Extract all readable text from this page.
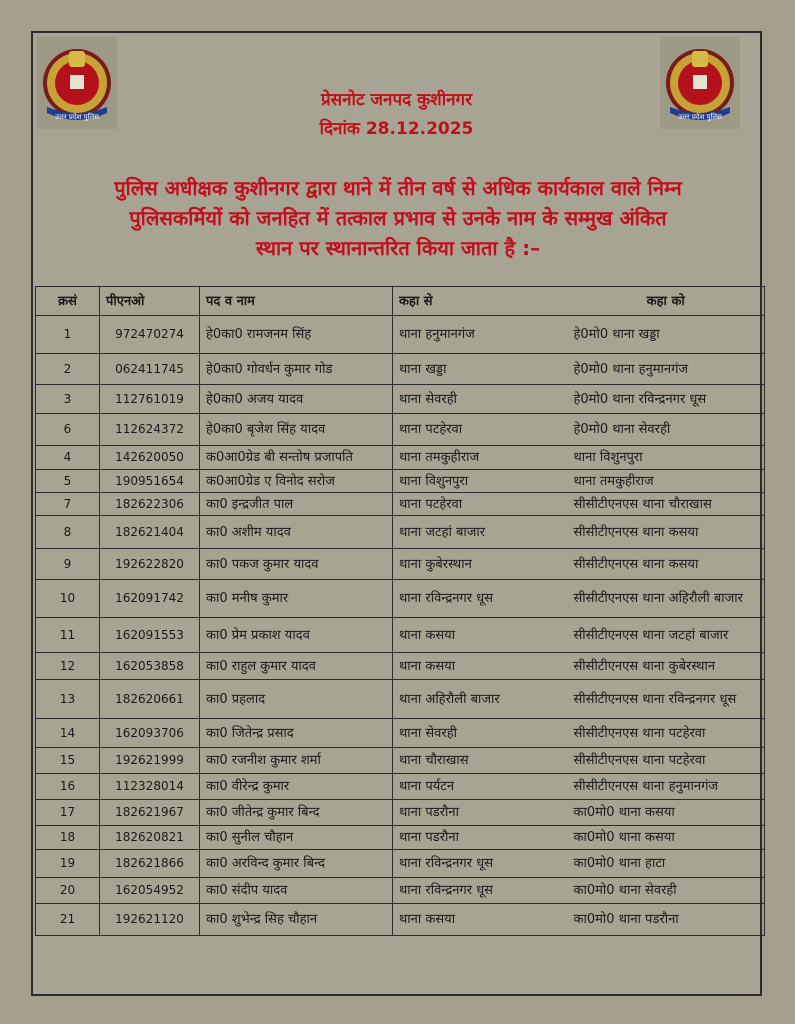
उत्तर प्रदेश पुलिस	उत्तर प्रदेश पुलिस
प्रेसनोट जनपद कुशीनगर
दिनांक 28.12.2025
पुलिस अधीक्षक कुशीनगर द्वारा थाने में तीन वर्ष से अधिक कार्यकाल वाले निम्न
पुलिसकर्मियों को जनहित में तत्काल प्रभाव से उनके नाम के सम्मुख अंकित
स्थान पर स्थानान्तरित किया जाता है :–
क्रसं	पीएनओ	पद व नाम	कहा से	कहा को
1	972470274	हे0का0 रामजनम सिंह	थाना हनुमानगंज	हे0मो0 थाना खड्डा
2	062411745	हे0का0 गोवर्धन कुमार गोड	थाना खड्डा	हे0मो0 थाना हनुमानगंज
3	112761019	हे0का0 अजय यादव	थाना सेवरही	हे0मो0 थाना रविन्द्रनगर धूस
6	112624372	हे0का0 बृजेश सिंह यादव	थाना पटहेरवा	हे0मो0 थाना सेवरही
4	142620050	क0आ0ग्रेड बी सन्तोष प्रजापति	थाना तमकुहीराज	थाना विशुनपुरा
5	190951654	क0आ0ग्रेड ए विनोद सरोज	थाना विशुनपुरा	थाना तमकुहीराज
7	182622306	का0 इन्द्रजीत पाल	थाना पटहेरवा	सीसीटीएनएस थाना चौराखास
8	182621404	का0 अशीम यादव	थाना जटहां बाजार	सीसीटीएनएस थाना कसया
9	192622820	का0 पकज कुमार यादव	थाना कुबेरस्थान	सीसीटीएनएस थाना कसया
10	162091742	का0 मनीष कुमार	थाना रविन्द्रनगर धूस	सीसीटीएनएस थाना अहिरौली बाजार
11	162091553	का0 प्रेम प्रकाश यादव	थाना कसया	सीसीटीएनएस थाना जटहां बाजार
12	162053858	का0 राहुल कुमार यादव	थाना कसया	सीसीटीएनएस थाना कुबेरस्थान
13	182620661	का0 प्रहलाद	थाना अहिरौली बाजार	सीसीटीएनएस थाना रविन्द्रनगर धूस
14	162093706	का0 जितेन्द्र प्रसाद	थाना सेवरही	सीसीटीएनएस थाना पटहेरवा
15	192621999	का0 रजनीश कुमार शर्मा	थाना चौराखास	सीसीटीएनएस थाना पटहेरवा
16	112328014	का0 वीरेन्द्र कुमार	थाना पर्यटन	सीसीटीएनएस थाना हनुमानगंज
17	182621967	का0 जीतेन्द्र कुमार बिन्द	थाना पडरौना	का0मो0 थाना कसया
18	182620821	का0 सुनील चौहान	थाना पडरौना	का0मो0 थाना कसया
19	182621866	का0 अरविन्द कुमार बिन्द	थाना रविन्द्रनगर धूस	का0मो0 थाना हाटा
20	162054952	का0 संदीप यादव	थाना रविन्द्रनगर धूस	का0मो0 थाना सेवरही
21	192621120	का0 शुभेन्द्र सिह चौहान	थाना कसया	का0मो0 थाना पडरौना
